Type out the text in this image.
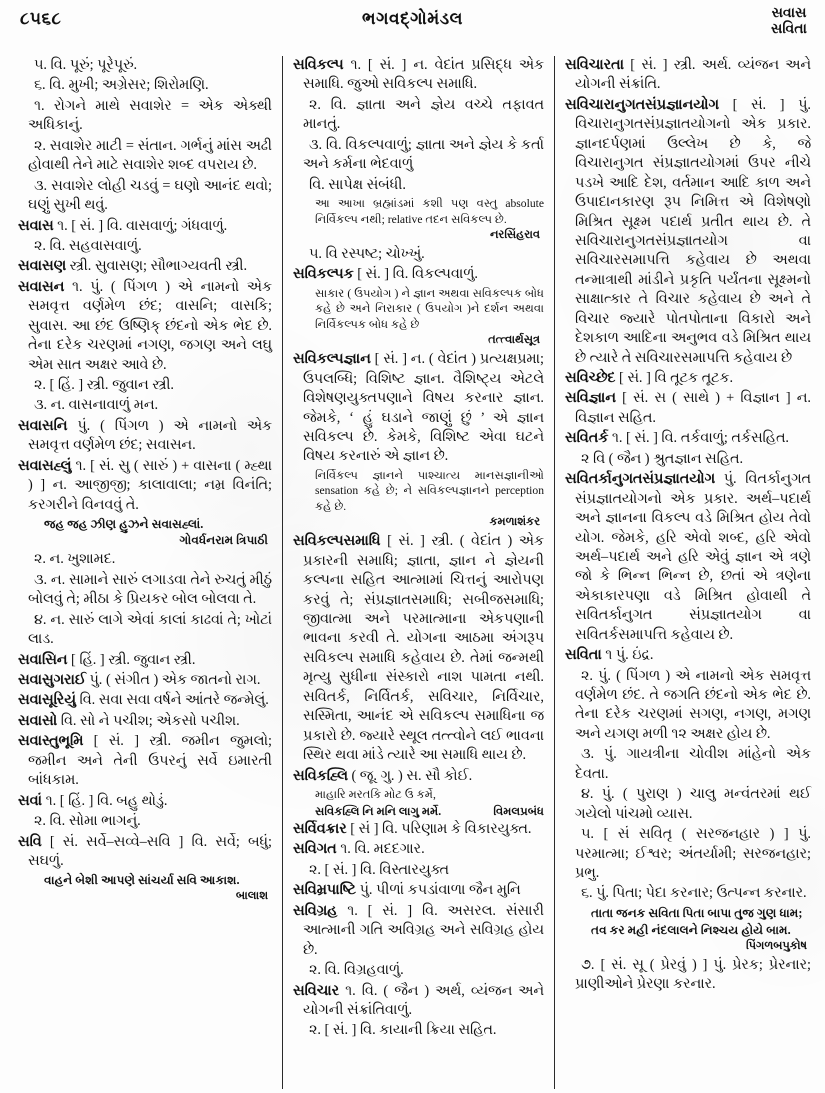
૮૫૬૮	ભગવદ્ગોમંડલ	સવાસ
સવિતા

૫. વિ. પૂરું; પૂરેપૂરું.

૬. વિ. મુખી; અગ્રેસર; શિરોમણિ.

૧. રોગને માથે સવાશેર = એક એક્થી અધિકાનું.

૨. સવાશેર માટી = સંતાન. ગર્ભનું માંસ અઢી હોવાથી તેને માટે સવાશેર શબ્દ વપરાય છે.

૩. સવાશેર લોહી ચડવું = ઘણો આનંદ થવો; ઘણું સુખી થવું.

સવાસ ૧. [ સં. ] વિ. વાસવાળું; ગંધવાળું.

૨. વિ. સહવાસવાળું.

સવાસણ સ્ત્રી. સુવાસણ; સૌભાગ્યવતી સ્ત્રી.

સવાસન ૧. પું. ( પિંગળ ) એ નામનો એક સમવૃત્ત વર્ણમેળ છંદ; વાસનિ; વાસકિ; સુવાસ. આ છંદ ઉષ્ણિક્ છંદનો એક ભેદ છે. તેના દરેક ચરણમાં નગણ, જગણ અને લઘુ એમ સાત અક્ષર આવે છે.

૨. [ હિં. ] સ્ત્રી. જુવાન સ્ત્રી.

૩. ન. વાસનાવાળું મન.

સવાસનિ પું. ( પિંગળ ) એ નામનો એક સમવૃત્ત વર્ણમેળ છંદ; સવાસન.

સવાસહ્લું ૧. [ સં. સુ ( સારું ) + વાસના ( મ્હ્થા ) ] ન. આજીજી; કાલાવાલા; નમ્ર વિનંતિ; કરગરીને વિનવવું તે.

જહ જહ ઝીણ હુઝને સવાસહ્લાં.

ગોવર્ધનરામ ત્રિપાઠી

૨. ન. ખુશામદ.

૩. ન. સામાને સારું લગાડવા તેને રુચતું મીઠું બોલવું તે; મીઠા કે પ્રિયકર બોલ બોલવા તે.

૪. ન. સારું લાગે એવાં કાલાં કાઢવાં તે; ખોટાં લાડ.

સવાસિન [ હિં. ] સ્ત્રી. જુવાન સ્ત્રી.

સવાસુગરાઈ પું. ( સંગીત ) એક જાતનો રાગ.

સવાસૂરિયું વિ. સવા સવા વર્ષને આંતરે જન્મેલું.

સવાસો વિ. સો ને પચીશ; એકસો પચીશ.

સવાસ્તુભૂમિ [ સં. ] સ્ત્રી. જમીન જુમલો; જમીન અને તેની ઉપરનું સર્વે ઇમારતી બાંધકામ.

સવાં ૧. [ હિં. ] વિ. બહુ થોડું.

૨. વિ. સોમા ભાગનું.

સવિ [ સં. સર્વે–સવ્વે–સવિ ] વિ. સર્વે; બધું; સઘળું.

વાહને બેશી આપણે સાંચર્યા સવિ આકાશ.

બાલાશ

સવિકલ્પ ૧. [ સં. ] ન. વેદાંત પ્રસિદ્ધ એક સમાધિ. જુઓ સવિકલ્પ સમાધિ.

૨. વિ. જ્ઞાતા અને જ્ઞેય વચ્ચે તફાવત માનતું.

૩. વિ. વિકલ્પવાળું; જ્ઞાતા અને જ્ઞેય કે કર્તા અને કર્મના ભેદવાળું

વિ. સાપેક્ષ સંબંધી.

આ આખા બ્રહ્માંડમાં કશી પણ વસ્તુ absolute નિર્વિકલ્પ નથી; relative તદન સવિકલ્પ છે.

નરસિંહરાવ

૫. વિ રસ્પષ્ટ; ચોખ્ખું.

સવિકલ્પક [ સં. ] વિ. વિકલ્પવાળું.

સાકાર ( ઉપયોગ ) ને જ્ઞાન અથવા સવિકલ્પક બોધ કહે છે અને નિરાકાર ( ઉપયોગ )ને દર્શન અથવા નિર્વિકલ્પક બોધ કહે છે

તત્ત્વાર્થસૂત્ર

સવિકલ્પજ્ઞાન [ સં. ] ન. ( વેદાંત ) પ્રત્યક્ષપ્રમા; ઉપલબ્ધિ; વિશિષ્ટ જ્ઞાન. વૈશિષ્ટ્ય એટલે વિશેષણયુક્તપણાને વિષય કરનાર જ્ઞાન. જેમકે, ‘ હું ઘડાને જાણું છું ’ એ જ્ઞાન સવિકલ્પ છે. કેમકે, વિશિષ્ટ એવા ઘટને વિષય કરનારું એ જ્ઞાન છે.

નિર્વિકલ્પ જ્ઞાનને પાશ્ચાત્ય માનસજ્ઞાનીઓ sensation કહે છે; ને સવિકલ્પજ્ઞાનને perception કહે છે.

કમળાશંકર

સવિકલ્પસમાધિ [ સં. ] સ્ત્રી. ( વેદાંત ) એક પ્રકારની સમાધિ; જ્ઞાતા, જ્ઞાન ને જ્ઞેયની કલ્પના સહિત આત્મામાં ચિત્તનું આરોપણ કરવું તે; સંપ્રજ્ઞાતસમાધિ; સબીજસમાધિ; જીવાત્મા અને પરમાત્માના એકપણાની ભાવના કરવી તે. યોગના આઠમા અંગરૂપ સવિકલ્પ સમાધિ કહેવાય છે. તેમાં જન્મથી મૃત્યુ સુધીના સંસ્કારો નાશ પામતા નથી. સવિતર્ક, નિર્વિતર્ક, સવિચાર, નિર્વિચાર, સસ્મિતા, આનંદ એ સવિકલ્પ સમાધિના જ પ્રકારો છે. જ્યારે સ્થૂલ તત્ત્વોને લઈ ભાવના સ્થિર થવા માંડે ત્યારે આ સમાધિ થાય છે.

સવિકહ્લિ ( જૂ. ગુ. ) સ. સૌ કોઈ.

માહારિ મરતકિ મોટ ઉ કર્મે,

સવિકહ્લિ નિ મનિ લાગુ મર્મે.	વિમલપ્રબંધ

સર્વિવક્રાર [ સં ] વિ. પરિણામ કે વિકારયુક્ત.

સવિગત ૧. વિ. મદદગાર.

૨. [ સં. ] વિ. વિસ્તારયુક્ત

સવિમ્રપાષ્ટિ પું. પીળાં કપડાંવાળા જૈન મુનિ

સવિગ્રહ ૧. [ સં. ] વિ. અસરલ. સંસારી આત્માની ગતિ અવિગ્રહ અને સવિગ્રહ હોય છે.

૨. વિ. વિગ્રહવાળું.

સવિચાર ૧. વિ. ( જૈન ) અર્થ, વ્યંજન અને યોગની સંક્રાંતિવાળું.

૨. [ સં. ] વિ. કાયાની ક્રિયા સહિત.

સવિચારતા [ સં. ] સ્ત્રી. અર્થ. વ્યંજન અને યોગની સંક્રાંતિ.

સવિચારાનુગતસંપ્રજ્ઞાનયોગ [ સં. ] પું. વિચારાનુગતસંપ્રજ્ઞાતયોગનો એક પ્રકાર. જ્ઞાનદર્પણમાં ઉલ્લેખ છે કે, જે વિચારાનુગત સંપ્રજ્ઞાતયોગમાં ઉપર નીચે પડખે આદિ દેશ, વર્તમાન આદિ કાળ અને ઉપાદાનકારણ રૂપ નિમિત્ત એ વિશેષણો મિશ્રિત સૂક્ષ્મ પદાર્થ પ્રતીત થાય છે. તે સવિચારાનુગતસંપ્રજ્ઞાતયોગ વા સવિચારસમાપત્તિ કહેવાય છે અથવા તન્માત્રાથી માંડીને પ્રકૃતિ પર્યંતના સૂક્ષ્મનો સાક્ષાત્કાર તે વિચાર કહેવાય છે અને તે વિચાર જ્યારે પોતપોતાના વિકારો અને દેશકાળ આદિના અનુભવ વડે મિશ્રિત થાય છે ત્યારે તે સવિચારસમાપત્તિ કહેવાય છે

સવિચ્છેદ [ સં. ] વિ તૂટક તૂટક.

સવિજ્ઞાન [ સં. સ ( સાથે ) + વિજ્ઞાન ] ન. વિજ્ઞાન સહિત.

સવિતર્ક ૧. [ સં. ] વિ. તર્કવાળું; તર્કસહિત.

૨ વિ ( જૈન ) શ્રુતજ્ઞાન સહિત.

સવિતર્કાનુગતસંપ્રજ્ઞાતયોગ પું. વિતર્કાનુગત સંપ્રજ્ઞાતયોગનો એક પ્રકાર. અર્થ–પદાર્થ અને જ્ઞાનના વિકલ્પ વડે મિશ્રિત હોય તેવો યોગ. જેમકે, હરિ એવો શબ્દ, હરિ એવો અર્થ–પદાર્થ અને હરિ એવું જ્ઞાન એ ત્રણે જો કે ભિન્ન ભિન્ન છે, છતાં એ ત્રણેના એકાકારપણા વડે મિશ્રિત હોવાથી તે સવિતર્કાનુગત સંપ્રજ્ઞાતયોગ વા સવિતર્કસમાપત્તિ કહેવાય છે.

સવિતા ૧ પું. ઇંદ્ર.

૨. પું. ( પિંગળ ) એ નામનો એક સમવૃત્ત વર્ણમેળ છંદ. તે જગતિ છંદનો એક ભેદ છે. તેના દરેક ચરણમાં સગણ, નગણ, મગણ અને યગણ મળી ૧૨ અક્ષર હોય છે.

૩. પું. ગાયત્રીના ચોવીશ માંહેનો એક દેવતા.

૪. પું. ( પુરાણ ) ચાલુ મન્વંતરમાં થઈ ગયેલો પાંચમો વ્યાસ.

૫. [ સં સવિતૃ ( સરજનહાર ) ] પું. પરમાત્મા; ઈશ્વર; અંતર્યામી; સરજનહાર; પ્રભુ.

૬. પું. પિતા; પેદા કરનાર; ઉત્પન્ન કરનાર.

તાતા જનક સવિતા પિતા બાપા તુજ ગુણ ધામ;

તવ કર મહી નંદલાલને નિશ્ચય હોયે બામ.

પિંગળબપુકોષ

૭. [ સં. સૂ ( પ્રેરવું ) ] પું. પ્રેરક; પ્રેરનાર; પ્રાણીઓને પ્રેરણા કરનાર.
